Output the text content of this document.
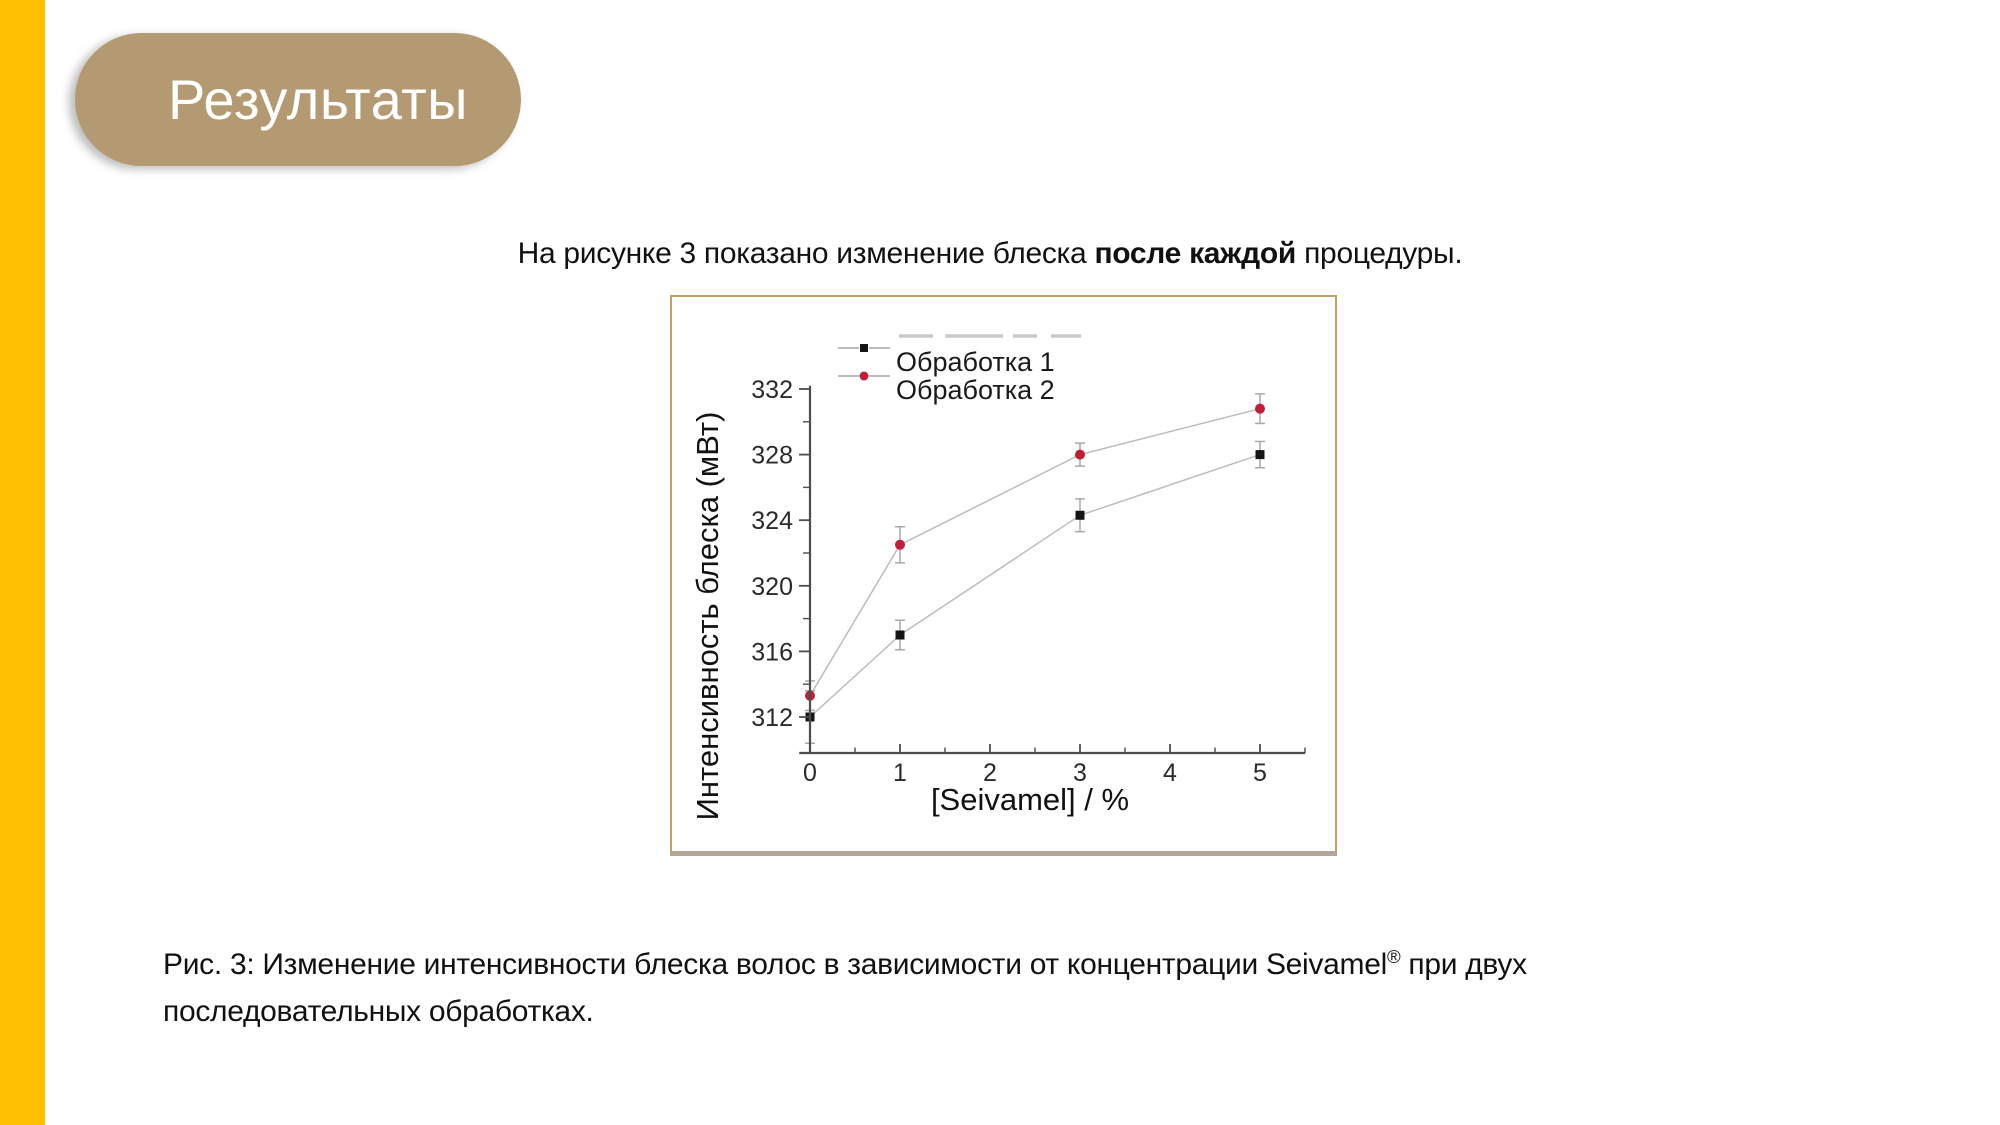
Результаты
На рисунке 3 показано изменение блеска после каждой процедуры.
0	1	2	3	4	5
312
316
320
324
328
332
[Seivamel] / %
Интенсивность блеска (мВт)
Обработка 1
Обработка 2
Рис. 3: Изменение интенсивности блеска волос в зависимости от концентрации Seivamel® при двух
последовательных обработках.
